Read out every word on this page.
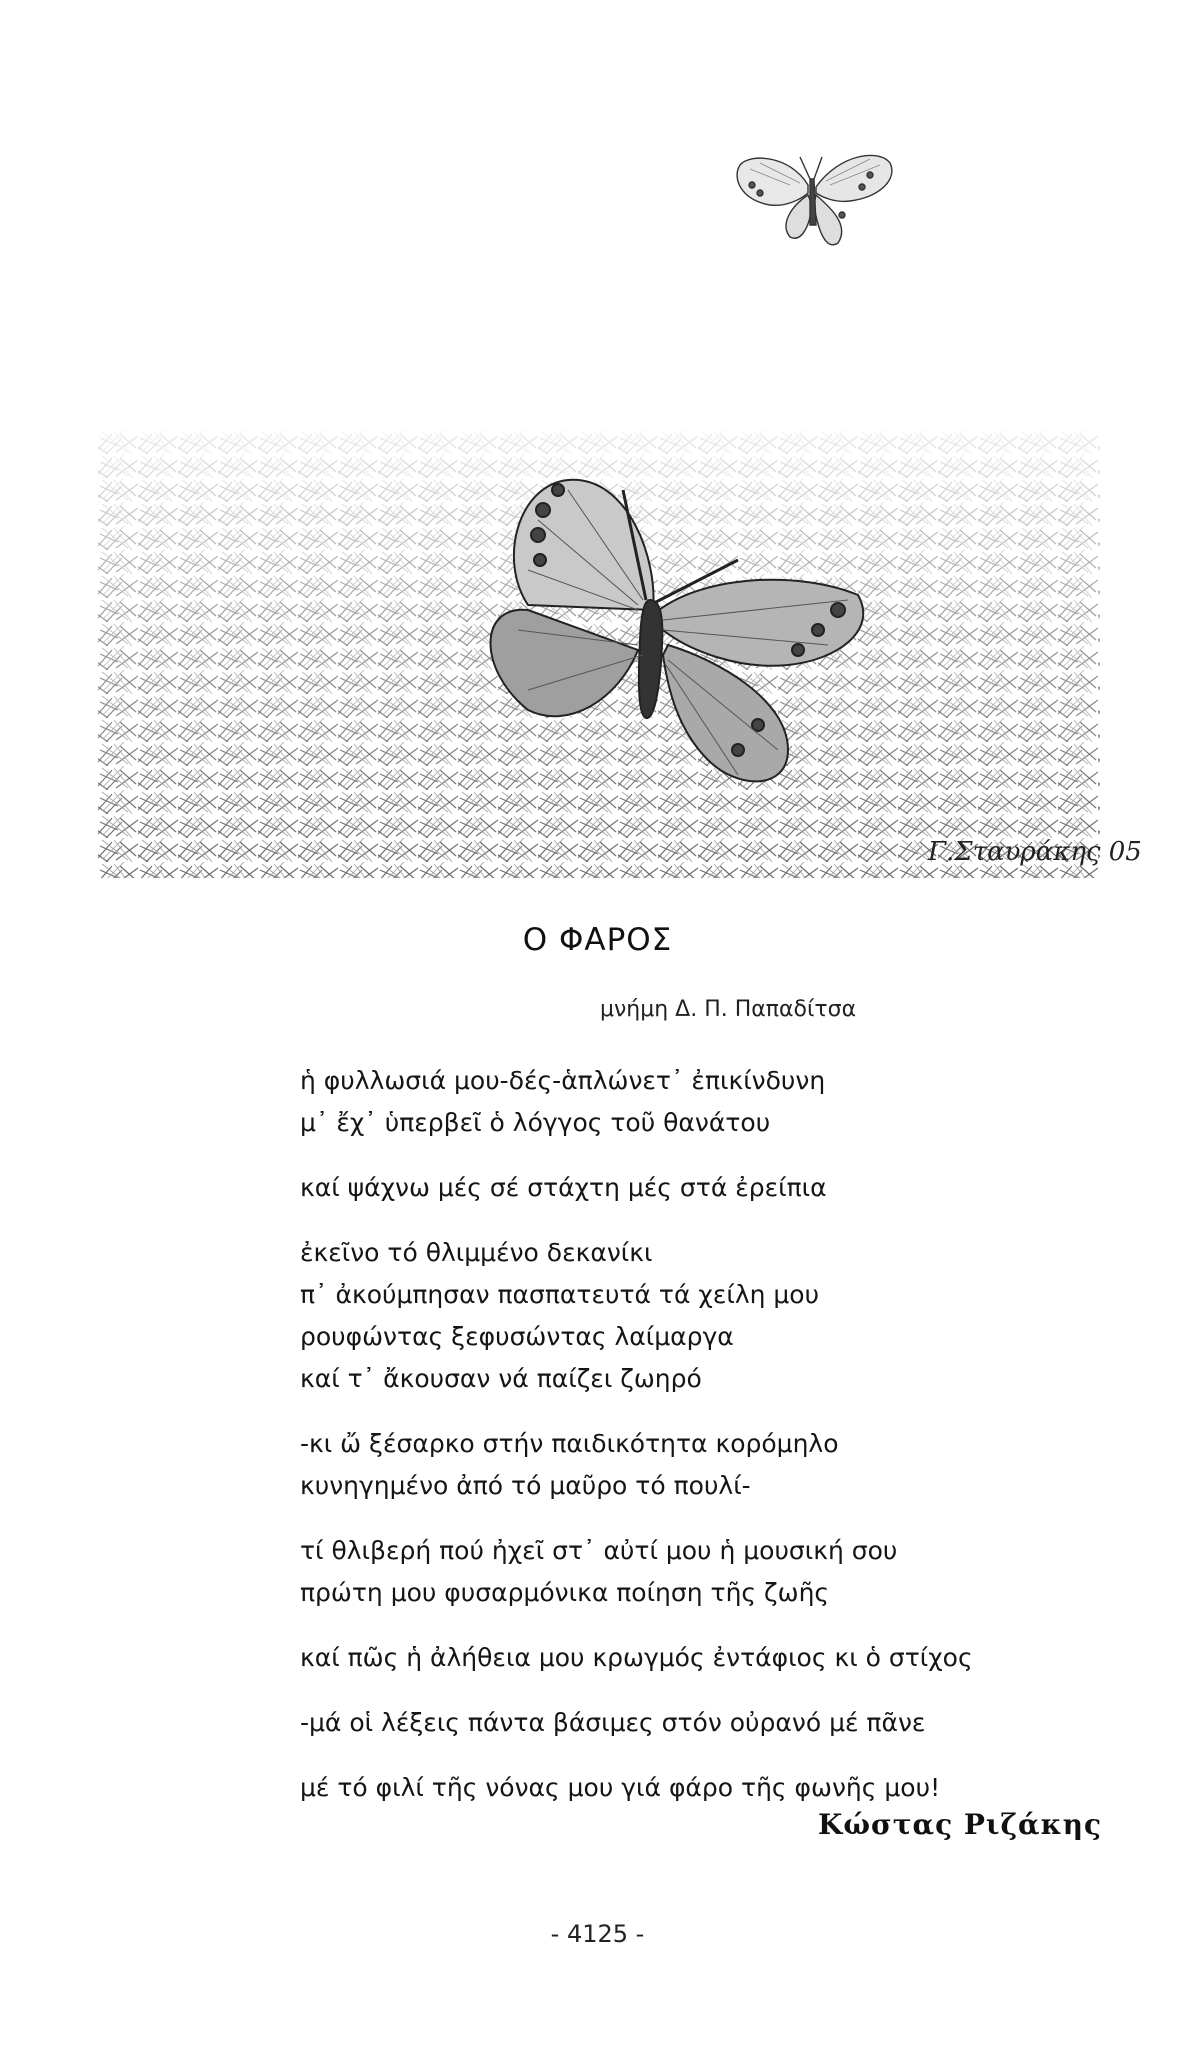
Γ.Σταυράκης 05
Ο ΦΑΡΟΣ
μνήμη Δ. Π. Παπαδίτσα
ἡ φυλλωσιά μου-δές-ἁπλώνετ᾽ ἐπικίνδυνη
μ᾽ ἔχ᾽ ὑπερβεῖ ὁ λόγγος τοῦ θανάτου
καί ψάχνω μές σέ στάχτη μές στά ἐρείπια
ἐκεῖνο τό θλιμμένο δεκανίκι
π᾽ ἀκούμπησαν πασπατευτά τά χείλη μου
ρουφώντας ξεφυσώντας λαίμαργα
καί τ᾽ ἄκουσαν νά παίζει ζωηρό
-κι ὤ ξέσαρκο στήν παιδικότητα κορόμηλο
κυνηγημένο ἀπό τό μαῦρο τό πουλί-
τί θλιβερή πού ἠχεῖ στ᾽ αὐτί μου ἡ μουσική σου
πρώτη μου φυσαρμόνικα ποίηση τῆς ζωῆς
καί πῶς ἡ ἀλήθεια μου κρωγμός ἐντάφιος κι ὁ στίχος
-μά οἱ λέξεις πάντα βάσιμες στόν οὐρανό μέ πᾶνε
μέ τό φιλί τῆς νόνας μου γιά φάρο τῆς φωνῆς μου!
Κώστας Ριζάκης
- 4125 -
